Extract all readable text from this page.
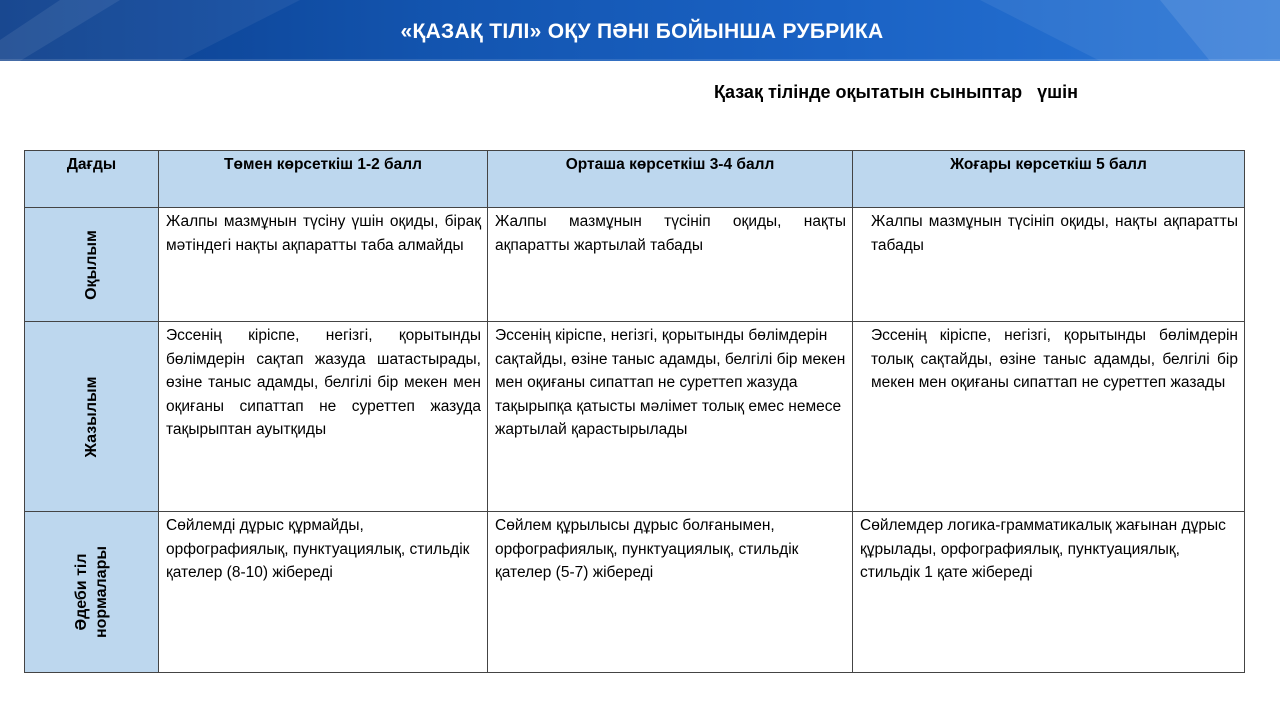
«ҚАЗАҚ ТІЛІ» ОҚУ ПӘНІ БОЙЫНША РУБРИКА
Қазақ тілінде оқытатын сыныптар   үшін
Дағды	Төмен көрсеткіш 1-2 балл	Орташа көрсеткіш 3-4 балл	Жоғары көрсеткіш 5 балл

Оқылым	Жалпы мазмұнын түсіну үшін оқиды, бірақ мәтіндегі нақты ақпаратты таба алмайды	Жалпы мазмұнын түсініп оқиды, нақты ақпаратты жартылай табады	Жалпы мазмұнын түсініп оқиды, нақты ақпаратты табады

Жазылым	Эссенің кіріспе, негізгі, қорытынды бөлімдерін сақтап жазуда шатастырады, өзіне таныс адамды, белгілі бір мекен мен оқиғаны сипаттап не суреттеп жазуда тақырыптан ауытқиды	Эссенің кіріспе, негізгі, қорытынды бөлімдерін сақтайды, өзіне таныс адамды, белгілі бір мекен мен оқиғаны сипаттап не суреттеп жазуда тақырыпқа қатысты мәлімет толық емес немесе жартылай қарастырылады	Эссенің кіріспе, негізгі, қорытынды бөлімдерін толық сақтайды, өзіне таныс адамды, белгілі бір мекен мен оқиғаны сипаттап не суреттеп жазады

Әдеби тіл нормалары	Сөйлемді дұрыс құрмайды, орфографиялық, пунктуациялық, стильдік қателер (8-10) жібереді	Сөйлем құрылысы дұрыс болғанымен, орфографиялық, пунктуациялық, стильдік қателер (5-7) жібереді	Сөйлемдер логика-грамматикалық жағынан дұрыс құрылады, орфографиялық, пунктуациялық, стильдік 1 қате жібереді
